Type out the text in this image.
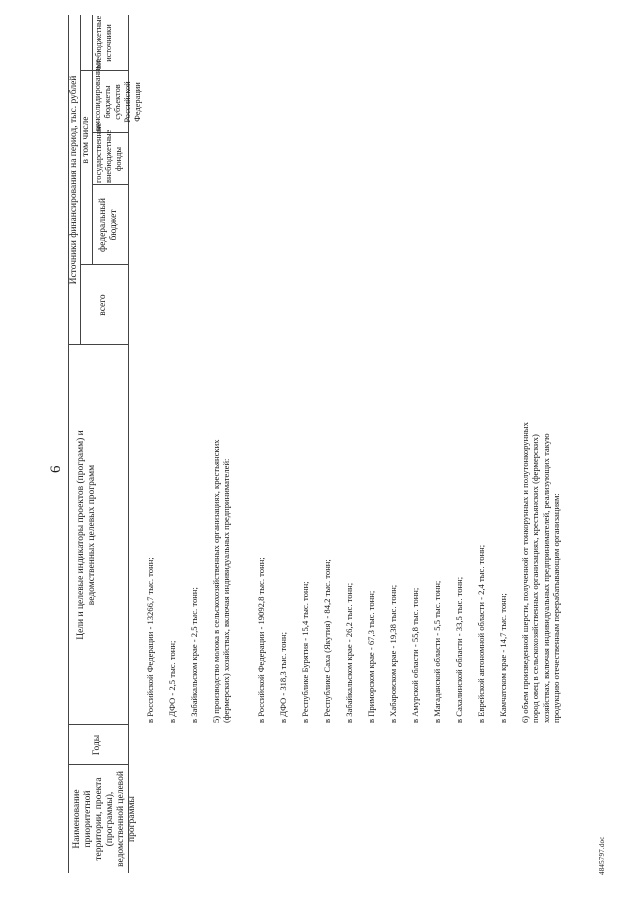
6
4845797.doc
Наименование приоритетной территории, проекта (программы), ведомственной целевой программы
Годы
Цели и целевые индикаторы проектов (программ) и ведомственных целевых программ
Источники финансирования на период, тыс. рублей
всего
в том числе
федеральный бюджет
государственные внебюджетные фонды
консолидированные бюджеты субъектов Российской Федерации
внебюджетные источники
в Российской Федерации - 13266,7 тыс. тонн; в ДФО - 2,5 тыс. тонн; в Забайкальском крае - 2,5 тыс. тонн; 5) производство молока в сельскохозяйственных организациях, крестьянских (фермерских) хозяйствах, включая индивидуальных предпринимателей:	в Российской Федерации - 19092,8 тыс. тонн; в ДФО - 318,3 тыс. тонн; в Республике Бурятия - 15,4 тыс. тонн; в Республике Саха (Якутия) - 84,2 тыс. тонн; в Забайкальском крае - 26,2 тыс. тонн; в Приморском крае - 67,3 тыс. тонн; в Хабаровском крае - 19,38 тыс. тонн; в Амурской области - 55,8 тыс. тонн; в Магаданской области - 5,5 тыс. тонн; в Сахалинской области - 33,5 тыс. тонн; в Еврейской автономной области - 2,4 тыс. тонн; в Камчатском крае - 14,7 тыс. тонн; 6) объем произведенной шерсти, полученной от тонкорунных и полутонкорунных пород овец в сельскохозяйственных организациях, крестьянских (фермерских) хозяйствах, включая индивидуальных предпринимателей, реализующих такую продукцию отечественным перерабатывающим организациям:
